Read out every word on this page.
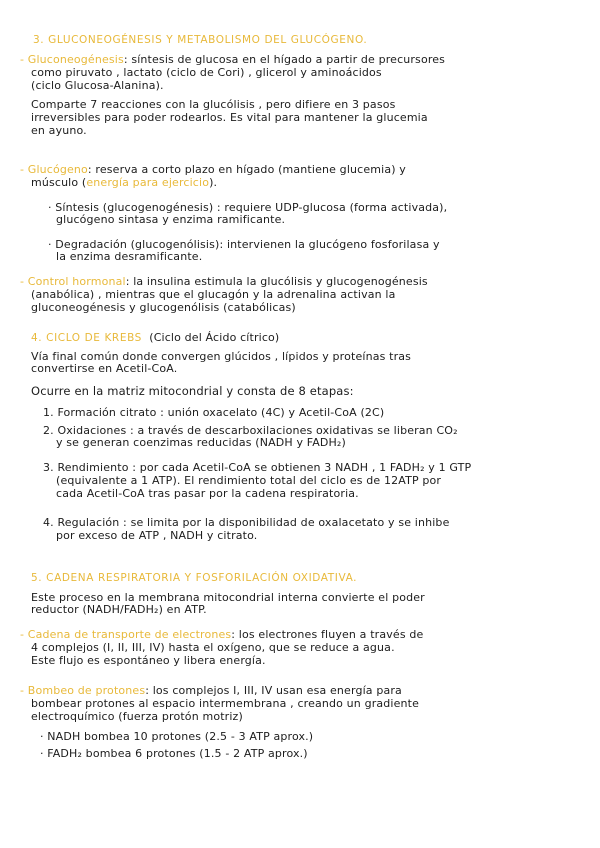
3. GLUCONEOGÉNESIS Y METABOLISMO DEL GLUCÓGENO.
- Gluconeogénesis: síntesis de glucosa en el hígado a partir de precursores
como piruvato , lactato (ciclo de Cori) , glicerol y aminoácidos
(ciclo Glucosa-Alanina).
Comparte 7 reacciones con la glucólisis , pero difiere en 3 pasos
irreversibles para poder rodearlos. Es vital para mantener la glucemia
en ayuno.
- Glucógeno: reserva a corto plazo en hígado (mantiene glucemia) y
músculo (energía para ejercicio).
· Síntesis (glucogenogénesis) : requiere UDP-glucosa (forma activada),
glucógeno sintasa y enzima ramificante.
· Degradación (glucogenólisis): intervienen la glucógeno fosforilasa y
la enzima desramificante.
- Control hormonal: la insulina estimula la glucólisis y glucogenogénesis
(anabólica) , mientras que el glucagón y la adrenalina activan la
gluconeogénesis y glucogenólisis (catabólicas)
4. CICLO DE KREBS (Ciclo del Ácido cítrico)
Vía final común donde convergen glúcidos , lípidos y proteínas tras
convertirse en Acetil-CoA.
Ocurre en la matriz mitocondrial y consta de 8 etapas:
1. Formación citrato : unión oxacelato (4C) y Acetil-CoA (2C)
2. Oxidaciones : a través de descarboxilaciones oxidativas se liberan CO₂
y se generan coenzimas reducidas (NADH y FADH₂)
3. Rendimiento : por cada Acetil-CoA se obtienen 3 NADH , 1 FADH₂ y 1 GTP
(equivalente a 1 ATP). El rendimiento total del ciclo es de 12ATP por
cada Acetil-CoA tras pasar por la cadena respiratoria.
4. Regulación : se limita por la disponibilidad de oxalacetato y se inhibe
por exceso de ATP , NADH y citrato.
5. CADENA RESPIRATORIA Y FOSFORILACIÓN OXIDATIVA.
Este proceso en la membrana mitocondrial interna convierte el poder
reductor (NADH/FADH₂) en ATP.
- Cadena de transporte de electrones: los electrones fluyen a través de
4 complejos (I, II, III, IV) hasta el oxígeno, que se reduce a agua.
Este flujo es espontáneo y libera energía.
- Bombeo de protones: los complejos I, III, IV usan esa energía para
bombear protones al espacio intermembrana , creando un gradiente
electroquímico (fuerza protón motriz)
· NADH bombea 10 protones (2.5 - 3 ATP aprox.)
· FADH₂ bombea 6 protones (1.5 - 2 ATP aprox.)
